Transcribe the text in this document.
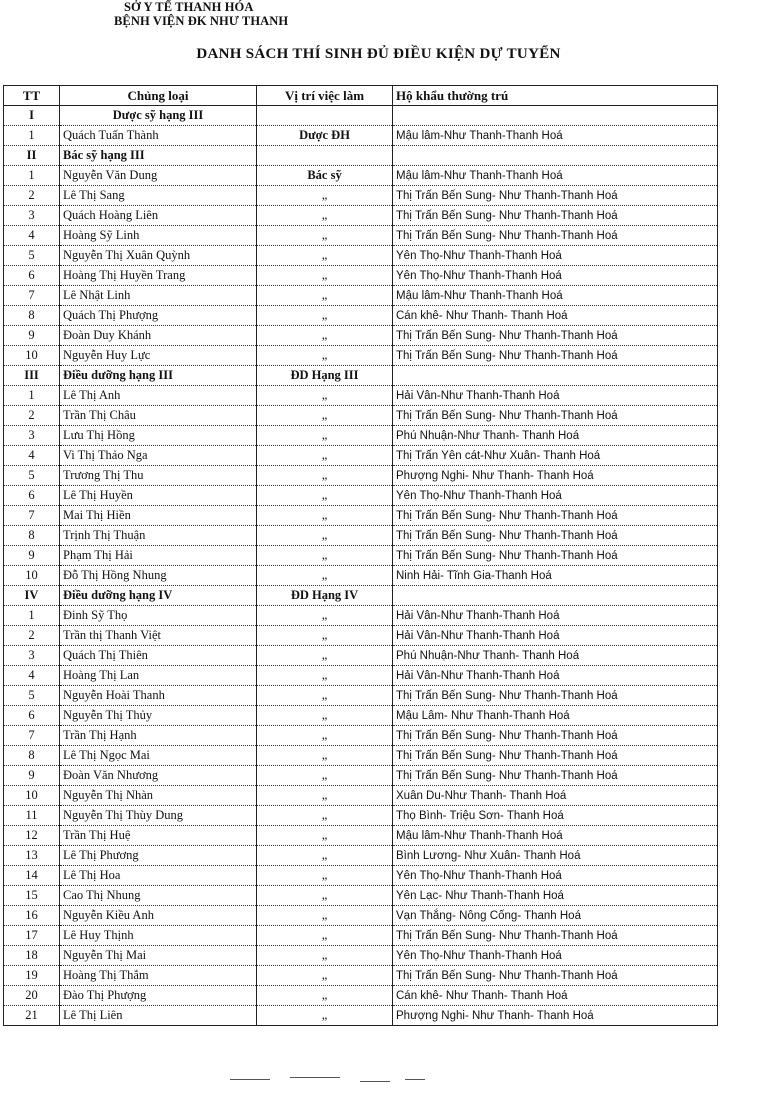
SỞ Y TẾ THANH HÓA
BỆNH VIỆN ĐK NHƯ THANH
DANH SÁCH THÍ SINH ĐỦ ĐIỀU KIỆN DỰ TUYỂN
TT	Chủng loại	Vị trí việc làm	Hộ khẩu thường trú
I	Dược sỹ hạng III		
1	Quách Tuấn Thành	Dược ĐH	Mậu lâm-Như Thanh-Thanh Hoá
II	Bác sỹ hạng III		
1	Nguyễn Văn Dung	Bác sỹ	Mậu lâm-Như Thanh-Thanh Hoá
2	Lê Thị Sang	„	Thị Trấn Bến Sung- Như Thanh-Thanh Hoá
3	Quách Hoàng Liên	„	Thị Trấn Bến Sung- Như Thanh-Thanh Hoá
4	Hoàng Sỹ Linh	„	Thị Trấn Bến Sung- Như Thanh-Thanh Hoá
5	Nguyễn Thị Xuân Quỳnh	„	Yên Thọ-Như Thanh-Thanh Hoá
6	Hoàng Thị Huyền Trang	„	Yên Thọ-Như Thanh-Thanh Hoá
7	Lê Nhật Linh	„	Mậu lâm-Như Thanh-Thanh Hoá
8	Quách Thị Phượng	„	Cán khê- Như Thanh- Thanh Hoá
9	Đoàn Duy Khánh	„	Thị Trấn Bến Sung- Như Thanh-Thanh Hoá
10	Nguyễn Huy Lực	„	Thị Trấn Bến Sung- Như Thanh-Thanh Hoá
III	Điều dưỡng hạng III	ĐD Hạng III	
1	Lê Thị Anh	„	Hải Vân-Như Thanh-Thanh Hoá
2	Trần Thị Châu	„	Thị Trấn Bến Sung- Như Thanh-Thanh Hoá
3	Lưu Thị Hồng	„	Phú Nhuận-Như Thanh- Thanh Hoá
4	Vi Thị Thảo Nga	„	Thị Trấn Yên cát-Như Xuân- Thanh Hoá
5	Trương Thị Thu	„	Phượng Nghi- Như Thanh- Thanh Hoá
6	Lê Thị Huyền	„	Yên Thọ-Như Thanh-Thanh Hoá
7	Mai Thị Hiền	„	Thị Trấn Bến Sung- Như Thanh-Thanh Hoá
8	Trịnh Thị Thuận	„	Thị Trấn Bến Sung- Như Thanh-Thanh Hoá
9	Phạm Thị Hải	„	Thị Trấn Bến Sung- Như Thanh-Thanh Hoá
10	Đỗ Thị Hồng Nhung	„	Ninh Hải- Tĩnh Gia-Thanh Hoá
IV	Điều dưỡng hạng IV	ĐD Hạng IV	
1	Đinh Sỹ Thọ	„	Hải Vân-Như Thanh-Thanh Hoá
2	Trần thị Thanh Việt	„	Hải Vân-Như Thanh-Thanh Hoá
3	Quách Thị Thiên	„	Phú Nhuận-Như Thanh- Thanh Hoá
4	Hoàng Thị Lan	„	Hải Vân-Như Thanh-Thanh Hoá
5	Nguyễn Hoài Thanh	„	Thị Trấn Bến Sung- Như Thanh-Thanh Hoá
6	Nguyễn Thị Thủy	„	Mậu Lâm- Như Thanh-Thanh Hoá
7	Trần Thị Hạnh	„	Thị Trấn Bến Sung- Như Thanh-Thanh Hoá
8	Lê Thị Ngọc Mai	„	Thị Trấn Bến Sung- Như Thanh-Thanh Hoá
9	Đoàn Văn Nhương	„	Thị Trấn Bến Sung- Như Thanh-Thanh Hoá
10	Nguyễn Thị Nhàn	„	Xuân Du-Như Thanh- Thanh Hoá
11	Nguyễn Thị Thùy Dung	„	Thọ Bình- Triệu Sơn- Thanh Hoá
12	Trần Thị Huệ	„	Mậu lâm-Như Thanh-Thanh Hoá
13	Lê Thị Phương	„	Bình Lương- Như Xuân- Thanh Hoá
14	Lê Thị Hoa	„	Yên Thọ-Như Thanh-Thanh Hoá
15	Cao Thị Nhung	„	Yên Lạc- Như Thanh-Thanh Hoá
16	Nguyễn Kiều Anh	„	Vạn Thắng- Nông Cống- Thanh Hoá
17	Lê Huy Thịnh	„	Thị Trấn Bến Sung- Như Thanh-Thanh Hoá
18	Nguyễn Thị Mai	„	Yên Thọ-Như Thanh-Thanh Hoá
19	Hoàng Thị Thắm	„	Thị Trấn Bến Sung- Như Thanh-Thanh Hoá
20	Đào Thị Phượng	„	Cán khê- Như Thanh- Thanh Hoá
21	Lê Thị Liên	„	Phượng Nghi- Như Thanh- Thanh Hoá
